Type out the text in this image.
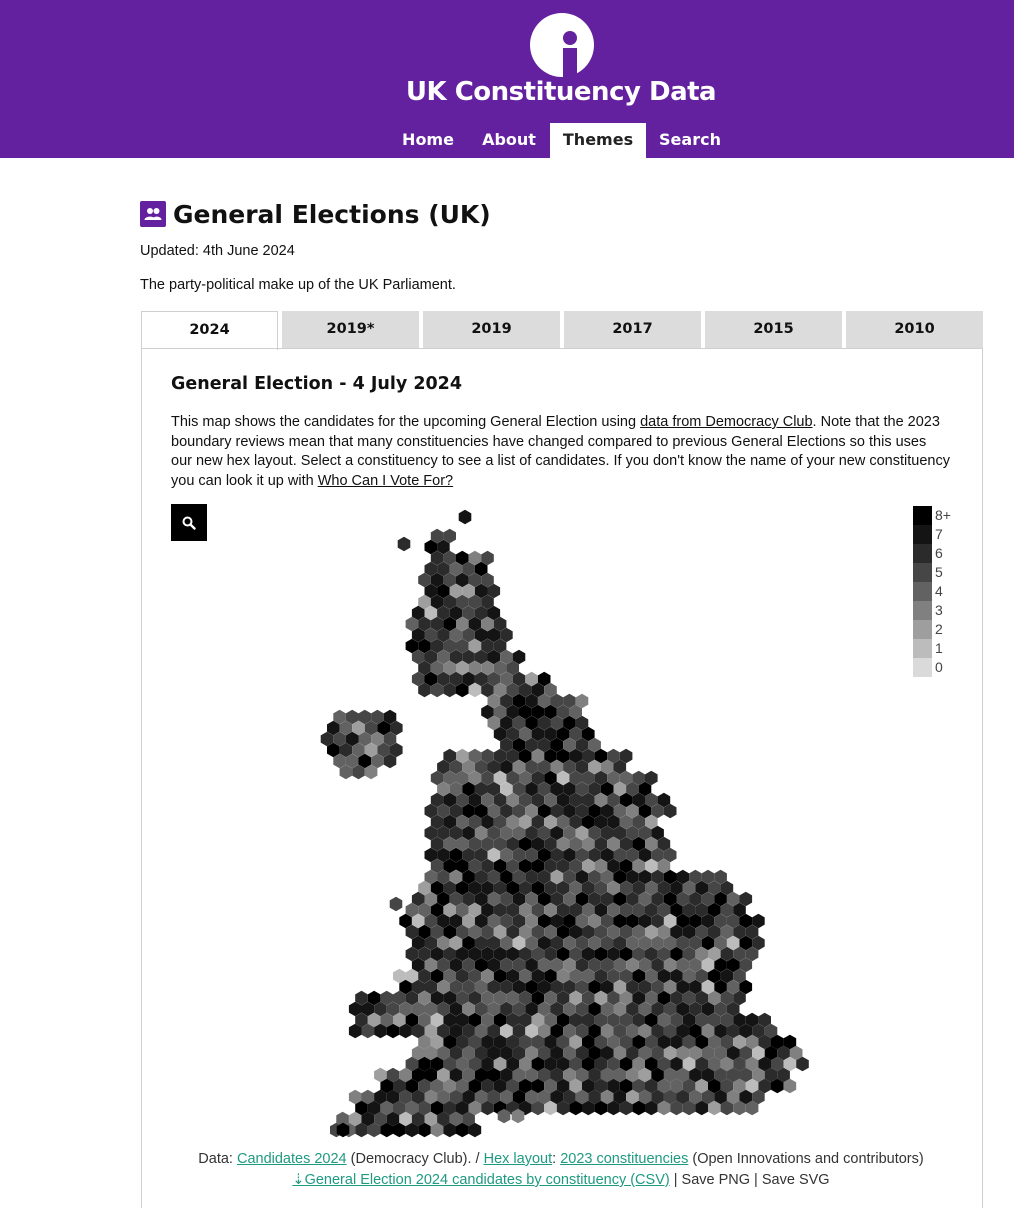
UK Constituency Data
Home	About	Themes	Search
General Elections (UK)
Updated: 4th June 2024
The party-political make up of the UK Parliament.
2024	2019*	2019	2017	2015	2010
General Election - 4 July 2024

This map shows the candidates for the upcoming General Election using data from Democracy Club. Note that the 2023 boundary reviews mean that many constituencies have changed compared to previous General Elections so this uses our new hex layout. Select a constituency to see a list of candidates. If you don't know the name of your new constituency you can look it up with Who Can I Vote For?

8+
7
6
5
4
3
2
1
0
Data: Candidates 2024 (Democracy Club). / Hex layout: 2023 constituencies (Open Innovations and contributors)
⇣General Election 2024 candidates by constituency (CSV) | Save PNG | Save SVG
